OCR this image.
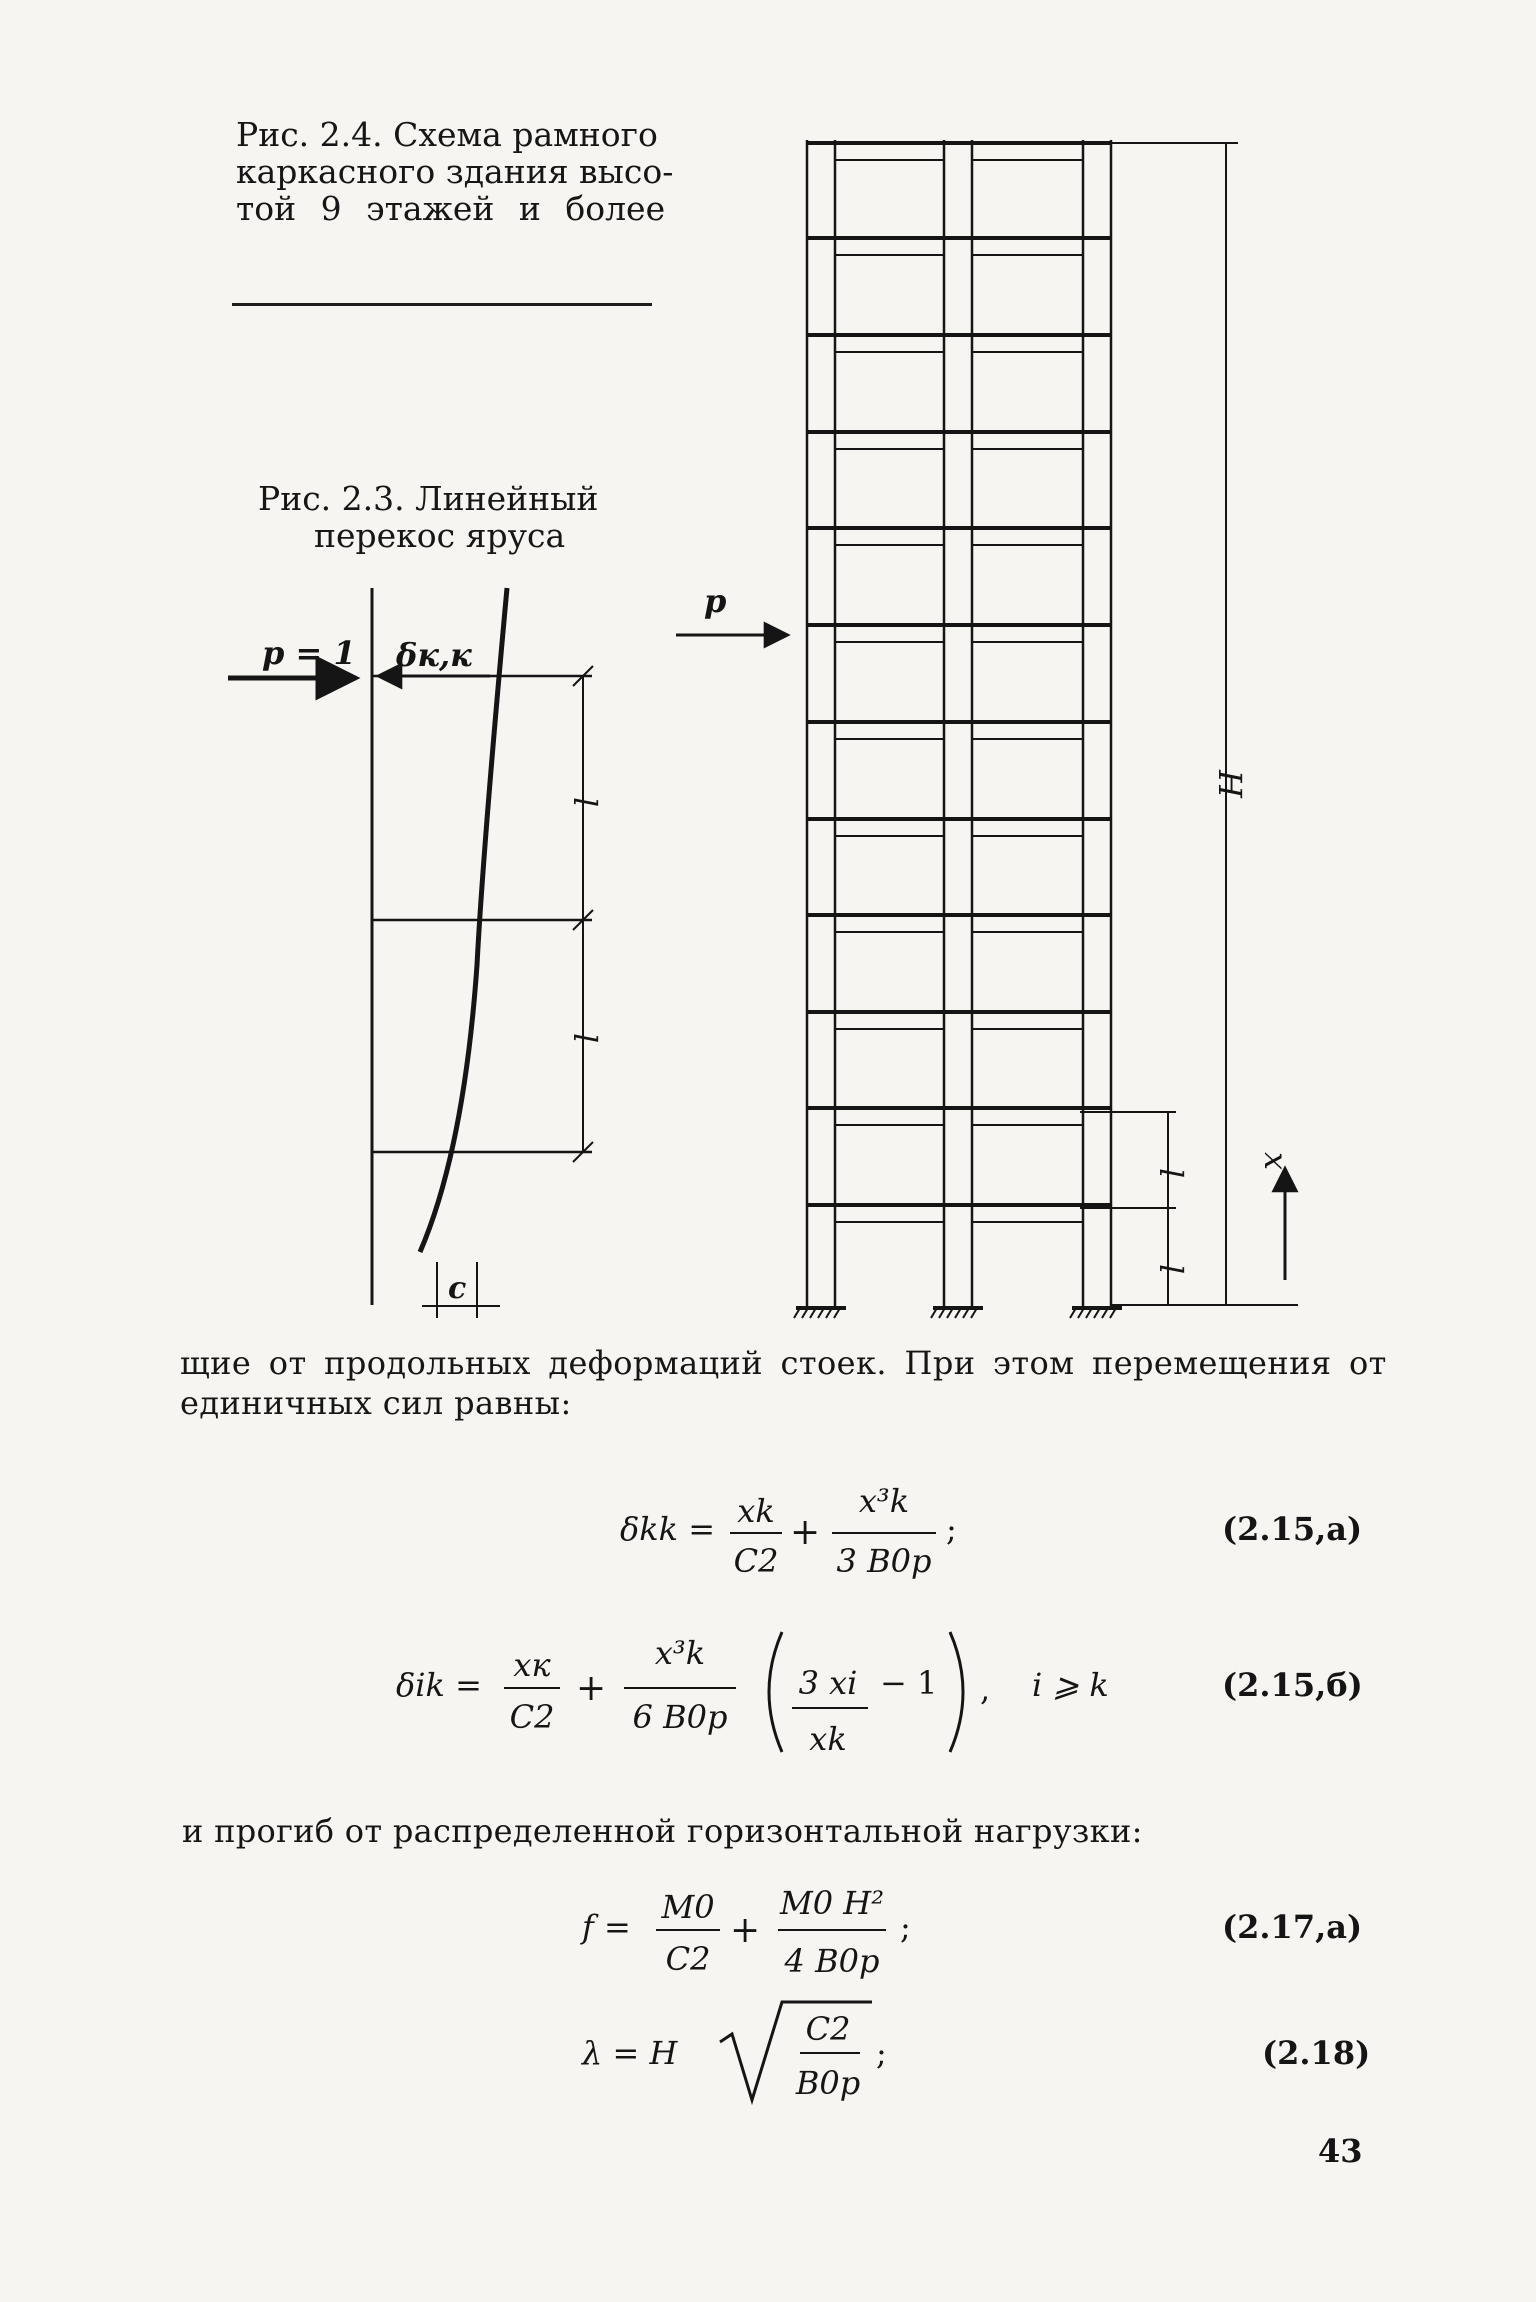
Рис. 2.4. Схема рамного
каркасного здания высо-
той 9 этажей и более
Рис. 2.3. Линейный
перекос яруса
p = 1 δк,к
l
l
c
p
H
l
l
x
щие от продольных деформаций стоек. При этом перемещения от
единичных сил равны:
δkk = xk
C2
+
x³k
3 B0р
;	(2.15,а)
δik =
xк
C2
+
x³k
6 B0р
3 xi − 1
xk
, i ⩾ k	(2.15,б)
и прогиб от распределенной горизонтальной нагрузки:
f =
M0
C2
+
M0 H²
4 B0р
;	(2.17,а)
λ = H
C2
B0р
;	(2.18)
43
